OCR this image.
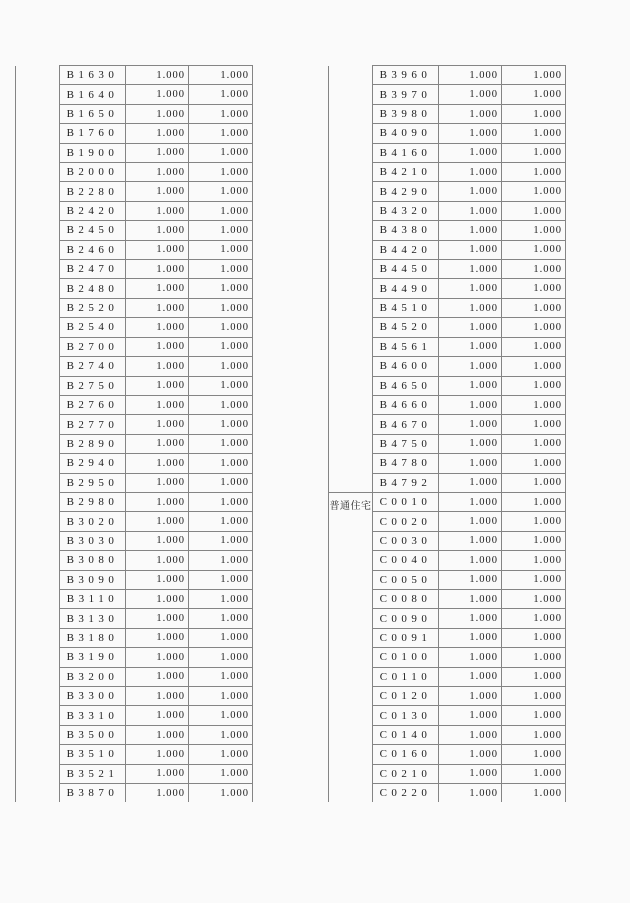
	B1630	1.000	1.000
	B1640	1.000	1.000
	B1650	1.000	1.000
	B1760	1.000	1.000
	B1900	1.000	1.000
	B2000	1.000	1.000
	B2280	1.000	1.000
	B2420	1.000	1.000
	B2450	1.000	1.000
	B2460	1.000	1.000
	B2470	1.000	1.000
	B2480	1.000	1.000
	B2520	1.000	1.000
	B2540	1.000	1.000
	B2700	1.000	1.000
	B2740	1.000	1.000
	B2750	1.000	1.000
	B2760	1.000	1.000
	B2770	1.000	1.000
	B2890	1.000	1.000
	B2940	1.000	1.000
	B2950	1.000	1.000
	B2980	1.000	1.000
	B3020	1.000	1.000
	B3030	1.000	1.000
	B3080	1.000	1.000
	B3090	1.000	1.000
	B3110	1.000	1.000
	B3130	1.000	1.000
	B3180	1.000	1.000
	B3190	1.000	1.000
	B3200	1.000	1.000
	B3300	1.000	1.000
	B3310	1.000	1.000
	B3500	1.000	1.000
	B3510	1.000	1.000
	B3521	1.000	1.000
	B3870	1.000	1.000
	B3960	1.000	1.000
	B3970	1.000	1.000
	B3980	1.000	1.000
	B4090	1.000	1.000
	B4160	1.000	1.000
	B4210	1.000	1.000
	B4290	1.000	1.000
	B4320	1.000	1.000
	B4380	1.000	1.000
	B4420	1.000	1.000
	B4450	1.000	1.000
	B4490	1.000	1.000
	B4510	1.000	1.000
	B4520	1.000	1.000
	B4561	1.000	1.000
	B4600	1.000	1.000
	B4650	1.000	1.000
	B4660	1.000	1.000
	B4670	1.000	1.000
	B4750	1.000	1.000
	B4780	1.000	1.000
	B4792	1.000	1.000
普通住宅	C0010	1.000	1.000
	C0020	1.000	1.000
	C0030	1.000	1.000
	C0040	1.000	1.000
	C0050	1.000	1.000
	C0080	1.000	1.000
	C0090	1.000	1.000
	C0091	1.000	1.000
	C0100	1.000	1.000
	C0110	1.000	1.000
	C0120	1.000	1.000
	C0130	1.000	1.000
	C0140	1.000	1.000
	C0160	1.000	1.000
	C0210	1.000	1.000
	C0220	1.000	1.000
